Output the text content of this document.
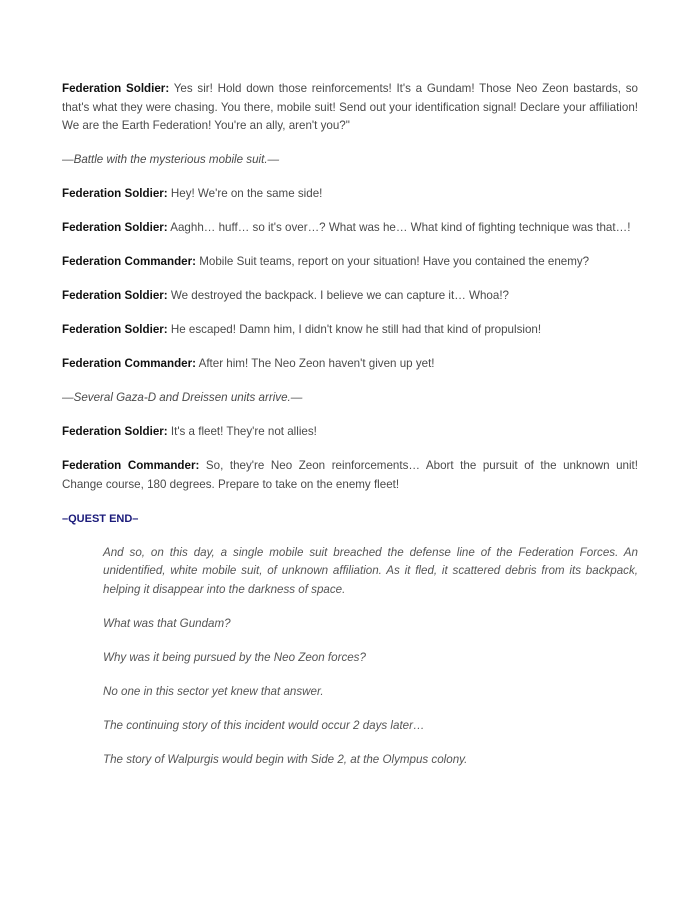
Federation Soldier: Yes sir! Hold down those reinforcements! It's a Gundam! Those Neo Zeon bastards, so that's what they were chasing. You there, mobile suit! Send out your identification signal! Declare your affiliation! We are the Earth Federation! You're an ally, aren't you?"

—Battle with the mysterious mobile suit.—

Federation Soldier: Hey! We're on the same side!

Federation Soldier: Aaghh… huff… so it's over…? What was he… What kind of fighting technique was that…!

Federation Commander: Mobile Suit teams, report on your situation! Have you contained the enemy?

Federation Soldier: We destroyed the backpack. I believe we can capture it… Whoa!?

Federation Soldier: He escaped! Damn him, I didn't know he still had that kind of propulsion!

Federation Commander: After him! The Neo Zeon haven't given up yet!

—Several Gaza-D and Dreissen units arrive.—

Federation Soldier: It's a fleet! They're not allies!

Federation Commander: So, they're Neo Zeon reinforcements… Abort the pursuit of the unknown unit! Change course, 180 degrees. Prepare to take on the enemy fleet!

–QUEST END–

And so, on this day, a single mobile suit breached the defense line of the Federation Forces. An unidentified, white mobile suit, of unknown affiliation. As it fled, it scattered debris from its backpack, helping it disappear into the darkness of space.

What was that Gundam?

Why was it being pursued by the Neo Zeon forces?

No one in this sector yet knew that answer.

The continuing story of this incident would occur 2 days later…

The story of Walpurgis would begin with Side 2, at the Olympus colony.
